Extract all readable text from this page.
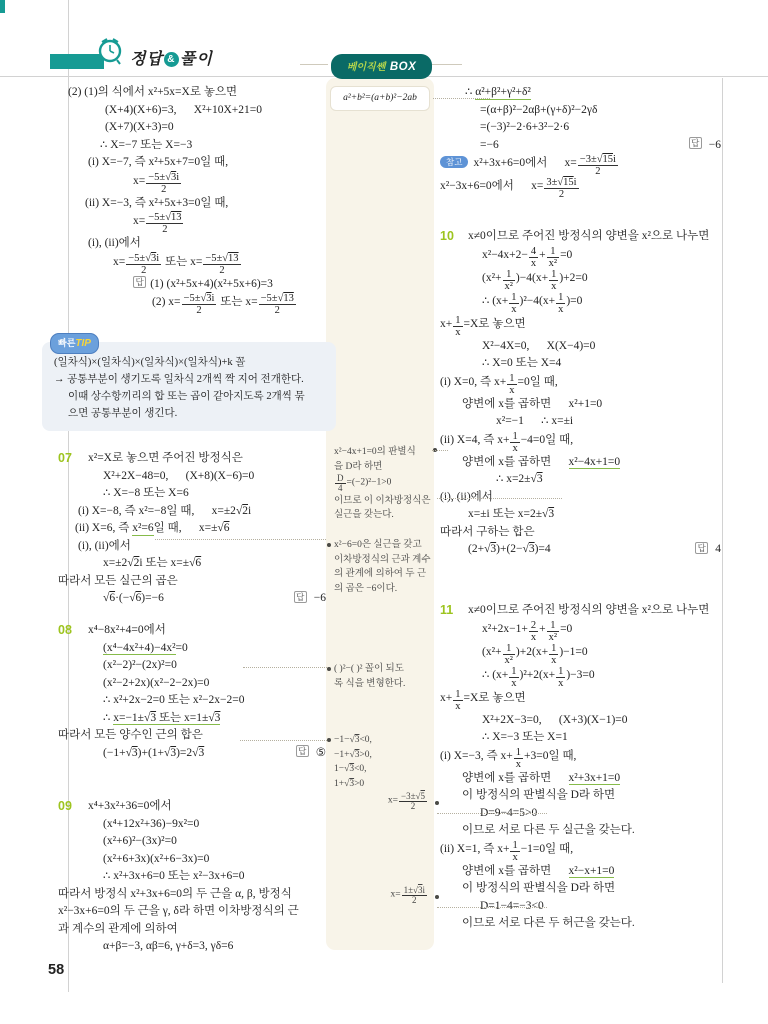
정답 & 풀이	베이직쎈 BOX
a²+b²=(a+b)²−2ab
x²−4x+1=0의 판별식
을 D라 하면
$\frac{D}{4} =(-2)^2-1>0$
이므로 이 이차방정식은
실근을 갖는다.
x²−6=0은 실근을 갖고
이차방정식의 근과 계수
의 관계에 의하여 두 근
의 곱은 −6이다.
( )²−( )² 꼴이 되도
록 식을 변형한다.
−1−√3<0,
−1+√3>0,
1−√3<0,
1+√3>0
$x= \frac{-3\pm√5}{2}$
$x= \frac{1\pm√3i}{2}$
(2) (1)의 식에서 x²+5x=X로 놓으면
(X+4)(X+6)=3,      X²+10X+21=0
(X+7)(X+3)=0
∴ X=−7 또는 X=−3
(i) X=−7, 즉 x²+5x+7=0일 때,
$x= \frac{-5\pm√3i}{2}$
(ii) X=−3, 즉 x²+5x+3=0일 때,
$x= \frac{-5\pm√13}{2}$
(i), (ii)에서
$x= \frac{-5\pm√3i}{2}$ 또는 $x= \frac{-5\pm√13}{2}$
답 (1) (x²+5x+4)(x²+5x+6)=3
(2) $x= \frac{-5\pm√3i}{2}$ 또는 $x= \frac{-5\pm√13}{2}$
07 x²=X로 놓으면 주어진 방정식은
X²+2X−48=0,      (X+8)(X−6)=0
∴ X=−8 또는 X=6
(i) X=−8, 즉 x²=−8일 때,      x=±2√2i
(ii) X=6, 즉 x²=6일 때,      x=±√6
(i), (ii)에서
x=±2√2i 또는 x=±√6
따라서 모든 실근의 곱은
√6·(−√6)=−6	답 −6
08 x⁴−8x²+4=0에서
(x⁴−4x²+4)−4x²=0
(x²−2)²−(2x)²=0
(x²−2+2x)(x²−2−2x)=0
∴ x²+2x−2=0 또는 x²−2x−2=0
∴ x=−1±√3 또는 x=1±√3
따라서 모든 양수인 근의 합은
(−1+√3)+(1+√3)=2√3	답 ⑤
09 x⁴+3x²+36=0에서
(x⁴+12x²+36)−9x²=0
(x²+6)²−(3x)²=0
(x²+6+3x)(x²+6−3x)=0
∴ x²+3x+6=0 또는 x²−3x+6=0
따라서 방정식 x²+3x+6=0의 두 근을 α, β, 방정식
x²−3x+6=0의 두 근을 γ, δ라 하면 이차방정식의 근
과 계수의 관계에 의하여
α+β=−3, αβ=6, γ+δ=3, γδ=6
∴ α²+β²+γ²+δ²
=(α+β)²−2αβ+(γ+δ)²−2γδ
=(−3)²−2·6+3²−2·6
=−6	답 −6
참고 x²+3x+6=0에서      $x= \frac{-3\pm√15i}{2}$
x²−3x+6=0에서      $x= \frac{3\pm√15i}{2}$
10 x≠0이므로 주어진 방정식의 양변을 x²으로 나누면
$x^2-4x+2- \frac{4}{x} + \frac{1}{\text{x²}} =0$
$(x^2+ \frac{1}{\text{x²}} )-4(x+ \frac{1}{x} )+2=0$
∴ $(x+ \frac{1}{x} )^2-4(x+ \frac{1}{x} )=0$
$x+ \frac{1}{x} =X$로 놓으면
X²−4X=0,      X(X−4)=0
∴ X=0 또는 X=4
(i) X=0, 즉 $x+ \frac{1}{x} =0$일 때,
양변에 x를 곱하면      x²+1=0
x²=−1      ∴ x=±i
(ii) X=4, 즉 $x+ \frac{1}{x} -4=0$일 때,
양변에 x를 곱하면      x²−4x+1=0
∴ x=2±√3
(i), (ii)에서
x=±i 또는 x=2±√3
따라서 구하는 합은
(2+√3)+(2−√3)=4	답 4
11 x≠0이므로 주어진 방정식의 양변을 x²으로 나누면
$x^2+2x-1+ \frac{2}{x} + \frac{1}{\text{x²}} =0$
$(x^2+ \frac{1}{\text{x²}} )+2(x+ \frac{1}{x} )-1=0$
∴ $(x+ \frac{1}{x} )^2+2(x+ \frac{1}{x} )-3=0$
$x+ \frac{1}{x} =X$로 놓으면
X²+2X−3=0,      (X+3)(X−1)=0
∴ X=−3 또는 X=1
(i) X=−3, 즉 $x+ \frac{1}{x} +3=0$일 때,
양변에 x를 곱하면      x²+3x+1=0
이 방정식의 판별식을 D라 하면
D=9−4=5>0
이므로 서로 다른 두 실근을 갖는다.
(ii) X=1, 즉 $x+ \frac{1}{x} -1=0$일 때,
양변에 x를 곱하면      x²−x+1=0
이 방정식의 판별식을 D라 하면
D=1−4=−3<0
이므로 서로 다른 두 허근을 갖는다.
빠른TIP
(일차식)×(일차식)×(일차식)×(일차식)+k 꼴
→ 공통부분이 생기도록 일차식 2개씩 짝 지어 전개한다.
이때 상수항끼리의 합 또는 곱이 같아지도록 2개씩 묶
으면 공통부분이 생긴다.
58
